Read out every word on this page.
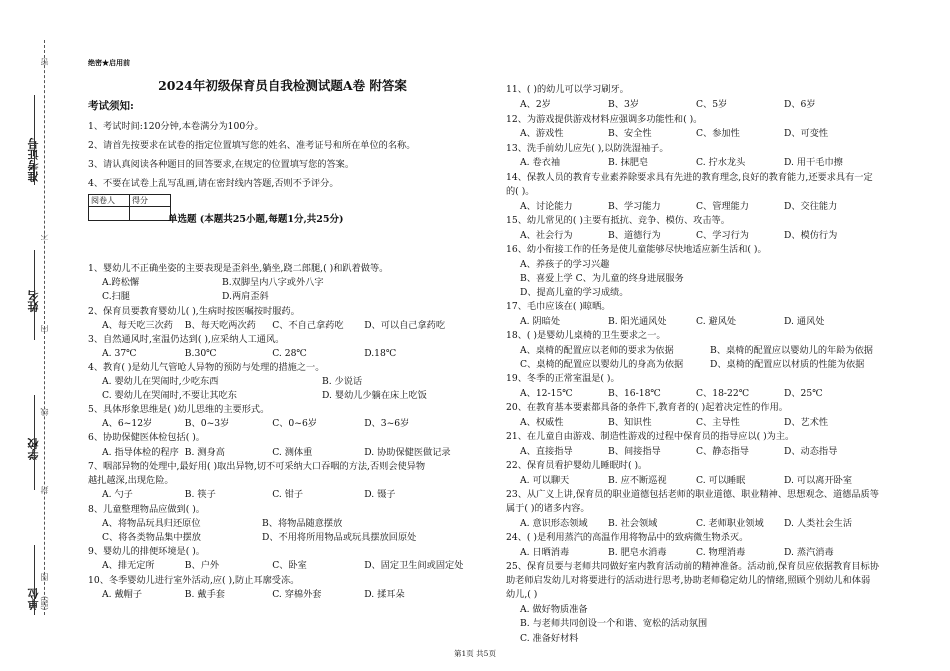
准考证号
姓名
学校
单位
密
不
内
线
封
图
(题)
绝密★启用前
2024年初级保育员自我检测试题A卷 附答案
考试须知:
1、考试时间:120分钟,本卷满分为100分。
2、请首先按要求在试卷的指定位置填写您的姓名、准考证号和所在单位的名称。
3、请认真阅读各种题目的回答要求,在规定的位置填写您的答案。
4、不要在试卷上乱写乱画,请在密封线内答题,否则不予评分。
阅卷人	得分

单选题 (本题共25小题,每题1分,共25分)
1、婴幼儿不正确坐姿的主要表现是歪斜坐,躺坐,跷二郎腿,( )和趴着做等。
A.跨松懈	B.双脚呈内八字或外八字
C.扫腿	D.两肩歪斜
2、保育员要教育婴幼儿( ),生病时按医嘱按时服药。
A、每天吃三次药 B、每天吃两次药 C、不自己拿药吃 D、可以自己拿药吃
3、自然通风时,室温仍达到( ),应采纳人工通风。
A. 37℃	B.30℃	C. 28℃	D.18℃
4、教育( )是幼儿气管呛人异物的预防与处理的措施之一。
A. 婴幼儿在哭闹时,少吃东西	B. 少说话
C. 婴幼儿在哭闹时,不要让其吃东	D. 婴幼儿少躺在床上吃饭
5、具体形象思维是( )幼儿思维的主要形式。
A、6~12岁	B、0~3岁	C、0~6岁	D、3~6岁
6、协助保健医体检包括( )。
A. 指导体检的程序 B. 测身高	C. 测体重	D. 协助保健医做记录
7、咽部异物的处理中,最好用( )取出异物,切不可采纳大口吞咽的方法,否则会使异物
越扎越深,出现危险。
A. 勺子	B. 筷子	C. 钳子	D. 镊子
8、儿童整理物品应做到( )。
A、将物品玩具归还原位	B、将物品随意摆放
C、将各类物品集中摆放	D、不用将所用物品或玩具摆放回原处
9、婴幼儿的排便环境是( )。
A、排无定所	B、户外	C、卧室	D、固定卫生间或固定处
10、冬季婴幼儿进行室外活动,应( ),防止耳廓受冻。
A. 戴帽子	B. 戴手套	C. 穿棉外套	D. 揉耳朵
11、( )的幼儿可以学习刷牙。
A、2岁	B、3岁	C、5岁	D、6岁
12、为游戏提供游戏材料应强调多功能性和( )。
A、游戏性	B、安全性	C、参加性	D、可变性
13、洗手前幼儿应先( ),以防洗湿袖子。
A. 卷衣袖	B. 抹肥皂	C. 拧水龙头	D. 用干毛巾擦
14、保教人员的教育专业素养除要求具有先进的教育理念,良好的教育能力,还要求具有一定
的( )。
A、讨论能力	B、学习能力	C、管理能力	D、交往能力
15、幼儿常见的( )主要有抵抗、竞争、模仿、攻击等。
A、社会行为	B、道德行为	C、学习行为	D、模仿行为
16、幼小衔接工作的任务是使儿童能够尽快地适应新生活和( )。
A、养孩子的学习兴趣
B、喜爱上学 C、为儿童的终身进展服务
D、提高儿童的学习成绩。
17、毛巾应该在( )晾晒。
A. 阴暗处	B. 阳光通风处	C. 避风处	D. 通风处
18、( )是婴幼儿桌椅的卫生要求之一。
A、桌椅的配置应以老师的要求为依据	B、桌椅的配置应以婴幼儿的年龄为依据
C、桌椅的配置应以婴幼儿的身高为依据	D、桌椅的配置应以材质的性能为依据
19、冬季的正常室温是( )。
A、12-15℃	B、16-18℃	C、18-22℃	D、25℃
20、在教育基本要素都具备的条件下,教育者的( )起着决定性的作用。
A、权威性	B、知识性	C、主导性	D、艺术性
21、在儿童自由游戏、制造性游戏的过程中保育员的指导应以( )为主。
A、直接指导	B、间接指导	C、静态指导	D、动态指导
22、保育员看护婴幼儿睡眠时( )。
A. 可以聊天	B. 应不断巡视	C. 可以睡眠	D. 可以离开卧室
23、从广义上讲,保育员的职业道德包括老师的职业道德、职业精神、思想观念、道德品质等
属于( )的诸多内容。
A. 意识形态领域 B. 社会领域	C. 老师职业领域 D. 人类社会生活
24、( )是利用蒸汽的高温作用将物品中的致病微生物杀灭。
A. 日晒消毒	B. 肥皂水消毒	C. 物理消毒	D. 蒸汽消毒
25、保育员要与老师共同做好室内教育活动前的精神准备。活动前,保育员应依据教育目标协
助老师启发幼儿对将要进行的活动进行思考,协助老师稳定幼儿的情绪,照顾个别幼儿和体弱
幼儿,( )
A. 做好物质准备
B. 与老师共同创设一个和谐、宽松的活动氛围
C. 准备好材料
第1页 共5页
